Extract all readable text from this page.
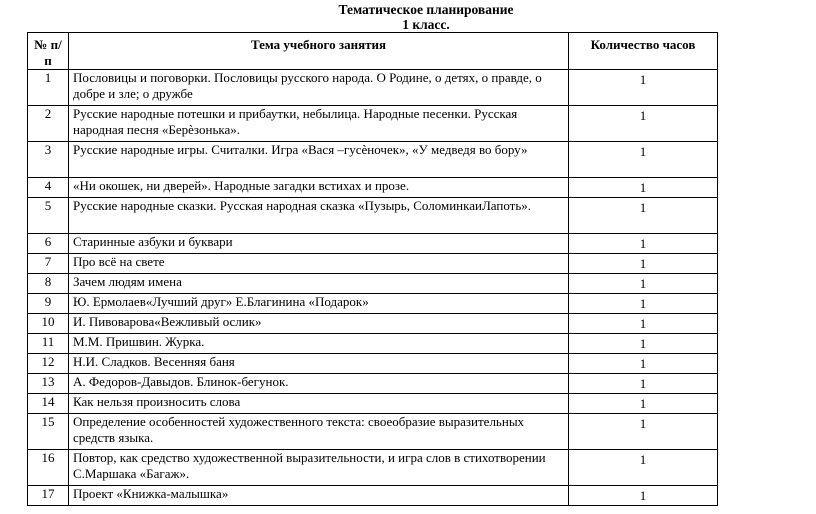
Тематическое планирование
1 класс.
№ п/п	Тема учебного занятия	Количество часов
1	Пословицы и поговорки. Пословицы русского народа. О Родине, о детях, о правде, о добре и зле; о дружбе	1
2	Русские народные потешки и прибаутки, небылица. Народные песенки. Русская народная песня «Берѐзонька».	1
3	Русские народные игры. Считалки. Игра «Вася –гусѐночек», «У медведя во бору»	1
4	«Ни окошек, ни дверей». Народные загадки встихах и прозе.	1
5	Русские народные сказки. Русская народная сказка «Пузырь, СоломинкаиЛапоть».	1
6	Старинные азбуки и буквари	1
7	Про всё на свете	1
8	Зачем людям имена	1
9	Ю. Ермолаев«Лучший друг» Е.Благинина «Подарок»	1
10	И. Пивоварова«Вежливый ослик»	1
11	М.М. Пришвин. Журка.	1
12	Н.И. Сладков. Весенняя баня	1
13	А. Федоров-Давыдов. Блинок-бегунок.	1
14	Как нельзя произносить слова	1
15	Определение особенностей художественного текста: своеобразие выразительных средств языка.	1
16	Повтор, как средство художественной выразительности, и игра слов в стихотворении С.Маршака «Багаж».	1
17	Проект «Книжка-малышка»	1
